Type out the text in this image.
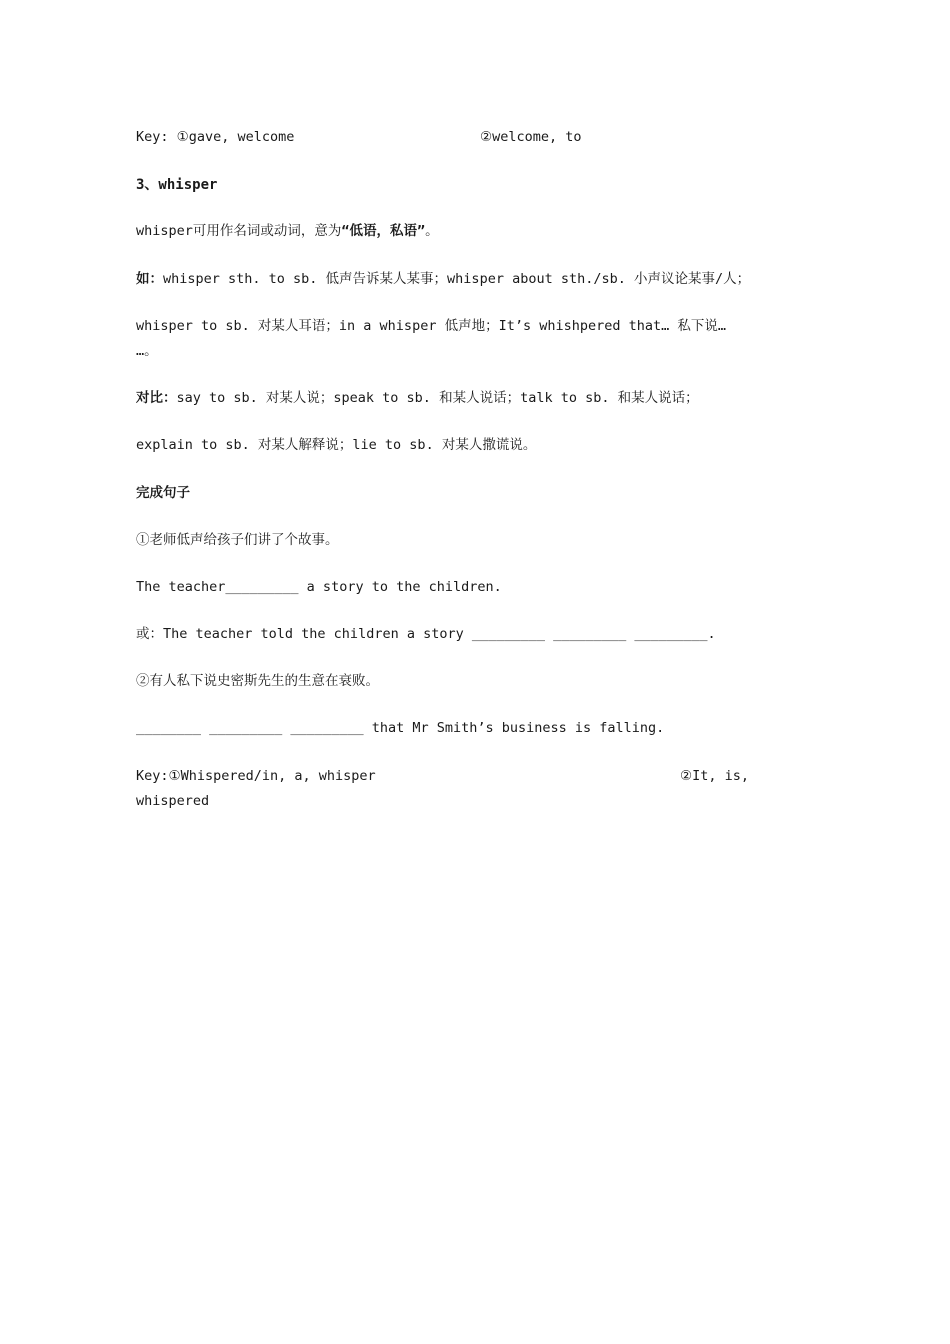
Key: ①gave, welcome	②welcome, to
3、whisper
whisper可用作名词或动词，意为“低语，私语”。
如：whisper sth. to sb. 低声告诉某人某事；whisper about sth./sb. 小声议论某事/人；
whisper to sb. 对某人耳语；in a whisper 低声地；It’s whishpered that… 私下说…
…。
对比：say to sb. 对某人说；speak to sb. 和某人说话；talk to sb. 和某人说话；
explain to sb. 对某人解释说；lie to sb. 对某人撒谎说。
完成句子
①老师低声给孩子们讲了个故事。
The teacher_________ a story to the children.
或：The teacher told the children a story _________ _________ _________.
②有人私下说史密斯先生的生意在衰败。
________ _________ _________ that Mr Smith’s business is falling.
Key:①Whispered/in, a, whisper	②It, is,
whispered
